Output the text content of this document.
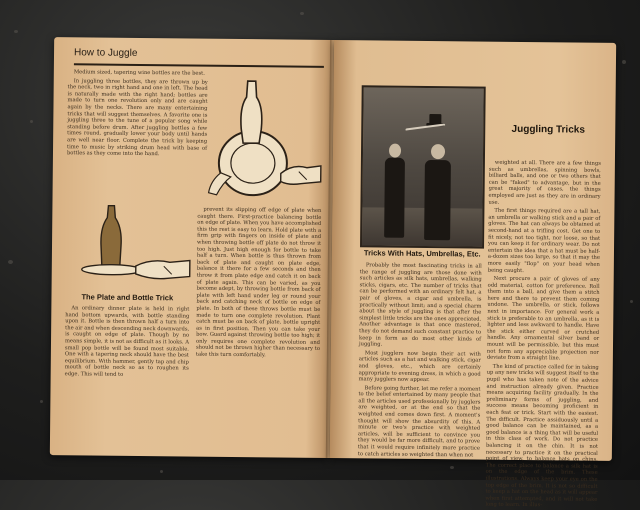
How to Juggle

Medium sized, tapering wine bottles are the best.

In juggling three bottles, they are thrown up by the neck, two in right hand and one in left. The head is naturally made with the right hand; bottles are made to turn one revolution only and are caught again by the necks. There are many entertaining tricks that will suggest themselves. A favorite one is juggling three to the tune of a popular song while standing before drum. After juggling bottles a few times round, gradually lower your body until hands are well near floor. Complete the trick by keeping time to music by striking drum head with base of bottles as they come into the hand.

The Plate and Bottle Trick

An ordinary dinner plate is held in right hand bottom upwards, with bottle standing upon it. Bottle is then thrown half a turn into the air and when descending neck downwards, is caught on edge of plate. Though by no means simple, it is not as difficult as it looks. A small pop bottle will be found most suitable. One with a tapering neck should have the best equilibrium. With hammer, gently tap and chip mouth of bottle neck so as to roughen its edge. This will tend to

prevent its slipping off edge of plate when caught there. First-practice balancing bottle on edge of plate. When you have accomplished this the rest is easy to learn. Hold plate with a firm grip with fingers on inside of plate and when throwing bottle off plate do not throw it too high. Just high enough for bottle to take half a turn. When bottle is thus thrown from back of plate and caught on plate edge, balance it there for a few seconds and then throw it from plate edge and catch it on back of plate again. This can be varied, as you become adept, by throwing bottle from back of plate with left hand under leg or round your back and catching neck of bottle on edge of plate. In both of these throws bottle must be made to turn one complete revolution. Plant catch must be on back of plate, bottle upright as in first position. Then you can take your bow. Guard against throwing bottle too high; it only requires one complete revolution and should not be thrown higher than necessary to take this turn comfortably.

Tricks With Hats, Umbrellas, Etc.
Juggling Tricks

Probably the most fascinating tricks in all the range of juggling are those done with such articles as silk hats, umbrellas, walking sticks, cigars, etc. The number of tricks that can be performed with an ordinary felt hat, a pair of gloves, a cigar and umbrella, is practically without limit; and a special charm about the style of juggling is that after the simplest little tricks are the ones appreciated. Another advantage is that once mastered, they do not demand such constant practice to keep in form as do most other kinds of juggling.

Most jugglers now begin their act with articles such as a hat and walking stick, cigar and gloves, etc., which are certainly appropriate to evening dress, in which a good many jugglers now appear.

Before going further, let me refer a moment to the belief entertained by many people that all the articles used professionally by jugglers are weighted, or at the end so that the weighted end comes down first. A moment's thought will show the absurdity of this. A minute or two's practice with weighted articles, will be sufficient to convince you they would be far more difficult, and to prove that it would require infinitely more practice to catch articles so weighted than when not

weighted at all. There are a few things such as umbrellas, spinning bowls, billiard balls, and one or two others that can be "faked" to advantage, but in the great majority of cases, the things employed are just as they are in ordinary use.

The first things required are a tall hat, an umbrella or walking stick and a pair of gloves. The hat can always be obtained at second-hand at a trifling cost. Get one to fit nicely, not too tight, nor loose, so that you can keep it for ordinary wear. Do not entertain the idea that a hat must be half-a-dozen sizes too large, so that it may the more easily "flop" on your head when being caught.

Next procure a pair of gloves of any odd material, cotton for preference. Roll them into a ball, and give them a stitch here and there to prevent them coming undone. The umbrella, or stick, follows next in importance. For general work a stick is preferable to an umbrella, as it is lighter and less awkward to handle. Have the stick either curved or crutched handle. Any ornamental silver band or mount will be permissible, but this must not form any appreciable projection nor deviate from a straight line.

The kind of practice called for in taking up any new tricks will suggest itself to the pupil who has taken note of the advice and instruction already given. Practice means acquiring facility gradually. In the preliminary forms of juggling, and success means becoming proficient in each feat or trick. Start with the easiest. The difficult. Practice assiduously until a good balance can be maintained, as a good balance is a thing that will be useful in this class of work. Do not practice balancing it on the chin. It is not necessary to practice it on the practical point of view, to balance hats on chins. The correct place to balance a silk hat is on the edge of the brim. These illustrations. Always keep your eye on the top edge of the brim. It is not so difficult to keep a hat on the head as it will appear when first attempted, and it will not take long to learn. In illus-
